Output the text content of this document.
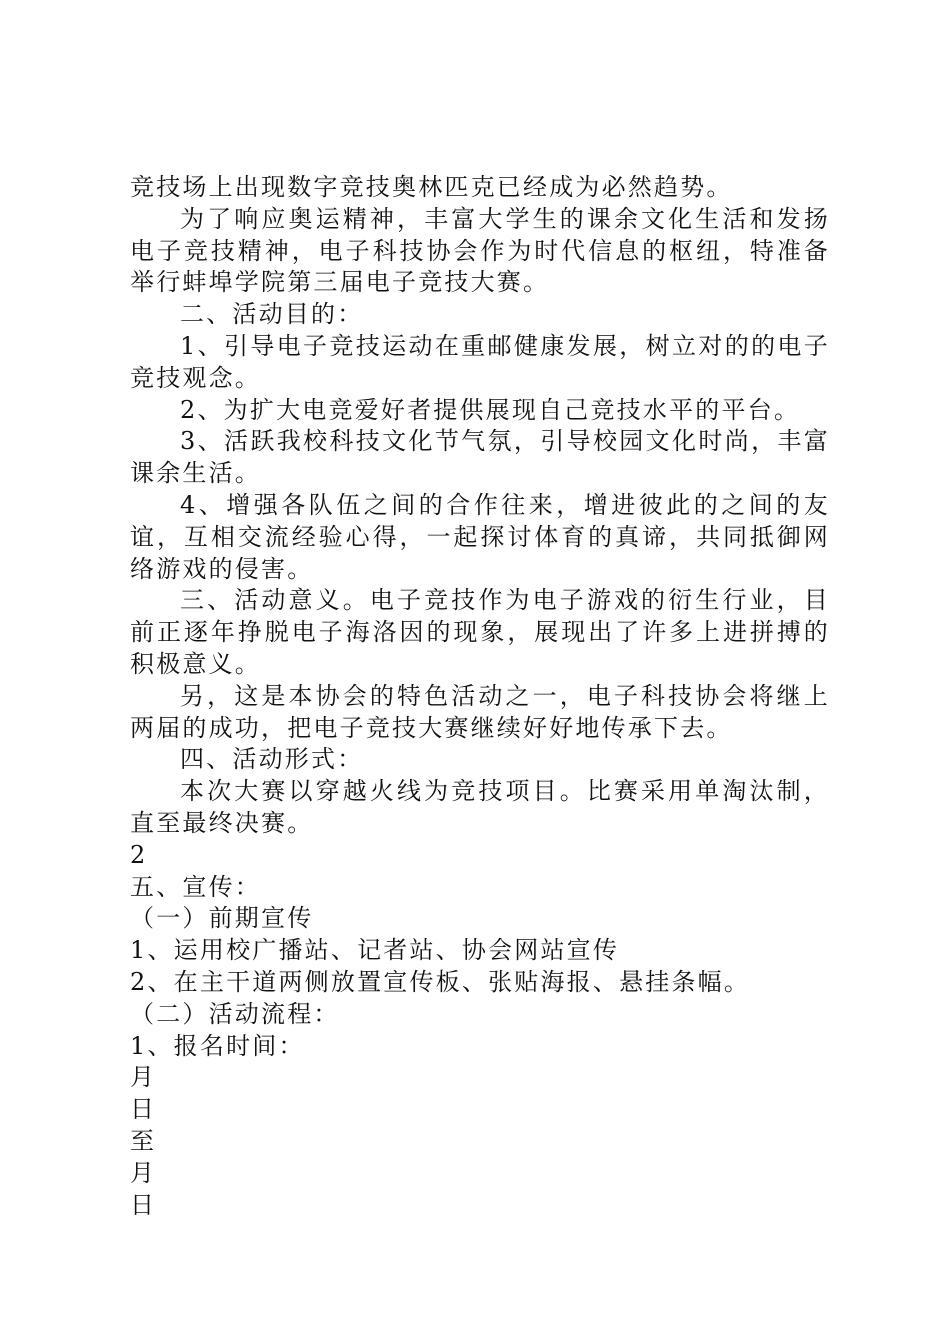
竞技场上出现数字竞技奥林匹克已经成为必然趋势。

为了响应奥运精神，丰富大学生的课余文化生活和发扬电子竞技精神，电子科技协会作为时代信息的枢纽，特准备举行蚌埠学院第三届电子竞技大赛。

二、活动目的：

1、引导电子竞技运动在重邮健康发展，树立对的的电子竞技观念。

2、为扩大电竞爱好者提供展现自己竞技水平的平台。

3、活跃我校科技文化节气氛，引导校园文化时尚，丰富课余生活。

4、增强各队伍之间的合作往来，增进彼此的之间的友谊，互相交流经验心得，一起探讨体育的真谛，共同抵御网络游戏的侵害。

三、活动意义。电子竞技作为电子游戏的衍生行业，目前正逐年挣脱电子海洛因的现象，展现出了许多上进拼搏的积极意义。

另，这是本协会的特色活动之一，电子科技协会将继上两届的成功，把电子竞技大赛继续好好地传承下去。

四、活动形式：

本次大赛以穿越火线为竞技项目。比赛采用单淘汰制，直至最终决赛。

2

五、宣传：

（一）前期宣传

1、运用校广播站、记者站、协会网站宣传

2、在主干道两侧放置宣传板、张贴海报、悬挂条幅。

（二）活动流程：

1、报名时间：

月

日

至

月

日
